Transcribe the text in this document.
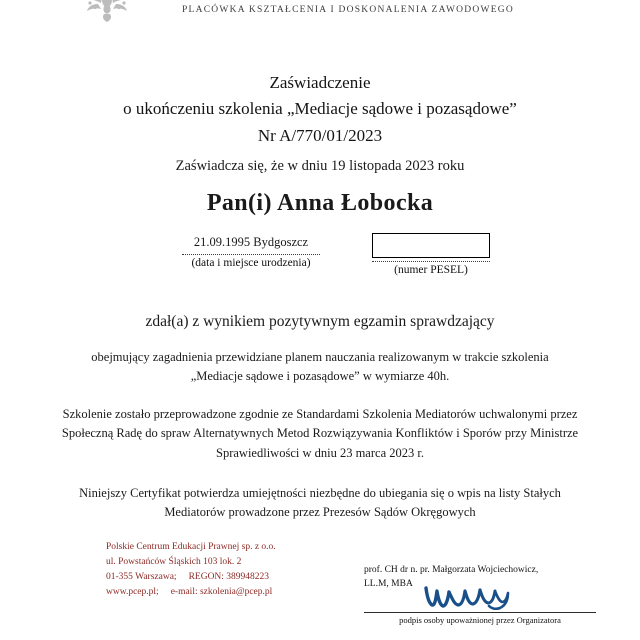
PLACÓWKA KSZTAŁCENIA I DOSKONALENIA ZAWODOWEGO
Zaświadczenie
o ukończeniu szkolenia „Mediacje sądowe i pozasądowe”
Nr A/770/01/2023
Zaświadcza się, że w dniu 19 listopada 2023 roku
Pan(i) Anna Łobocka
21.09.1995 Bydgoszcz
(data i miejsce urodzenia)
(numer PESEL)
zdał(a) z wynikiem pozytywnym egzamin sprawdzający
obejmujący zagadnienia przewidziane planem nauczania realizowanym w trakcie szkolenia „Mediacje sądowe i pozasądowe” w wymiarze 40h.
Szkolenie zostało przeprowadzone zgodnie ze Standardami Szkolenia Mediatorów uchwalonymi przez Społeczną Radę do spraw Alternatywnych Metod Rozwiązywania Konfliktów i Sporów przy Ministrze Sprawiedliwości w dniu 23 marca 2023 r.
Niniejszy Certyfikat potwierdza umiejętności niezbędne do ubiegania się o wpis na listy Stałych Mediatorów prowadzone przez Prezesów Sądów Okręgowych
Polskie Centrum Edukacji Prawnej sp. z o.o.
ul. Powstańców Śląskich 103 lok. 2
01-355 Warszawa; REGON: 389948223
www.pcep.pl; e-mail: szkolenia@pcep.pl
prof. CH dr n. pr. Małgorzata Wojciechowicz,
LL.M, MBA
podpis osoby upoważnionej przez Organizatora
